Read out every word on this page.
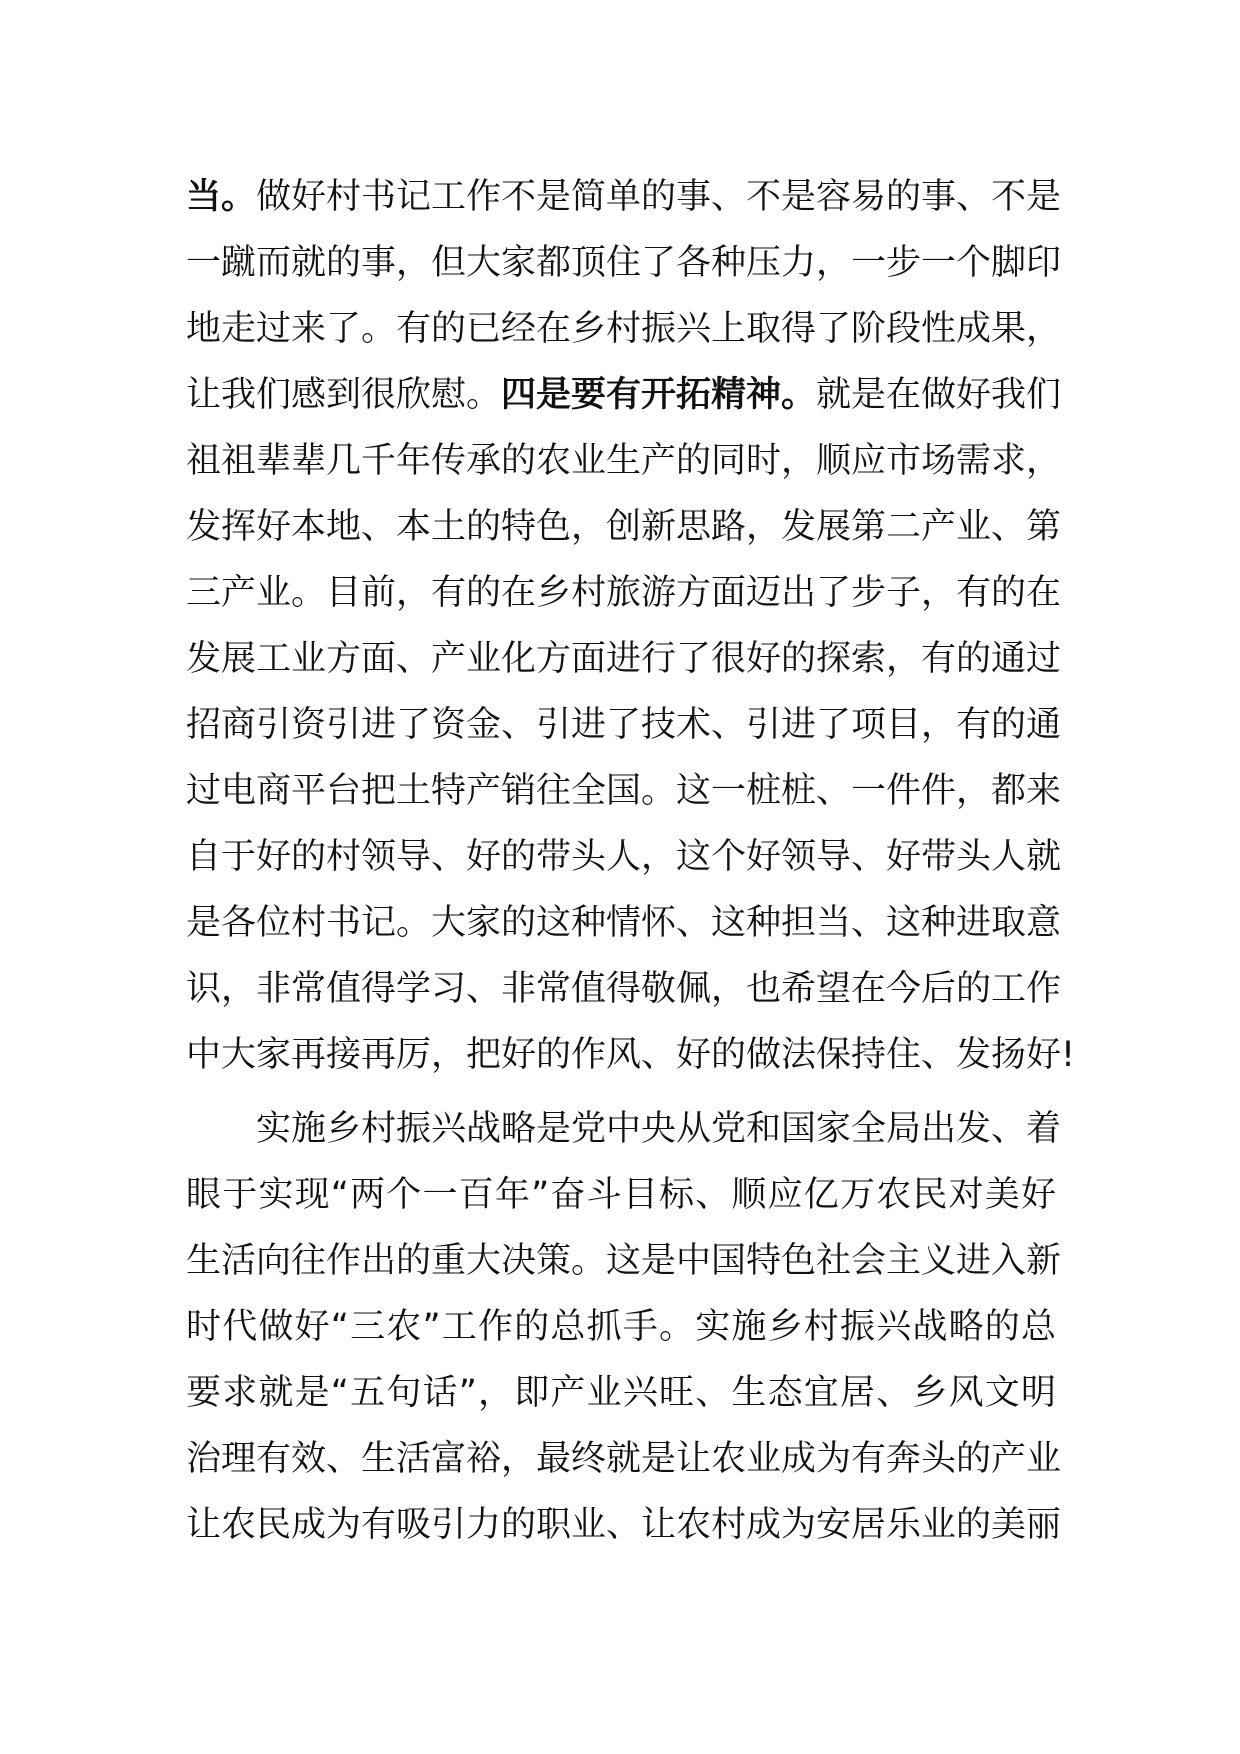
当。做好村书记工作不是简单的事、不是容易的事、不是
一蹴而就的事，但大家都顶住了各种压力，一步一个脚印
地走过来了。有的已经在乡村振兴上取得了阶段性成果，
让我们感到很欣慰。四是要有开拓精神。就是在做好我们
祖祖辈辈几千年传承的农业生产的同时，顺应市场需求，
发挥好本地、本土的特色，创新思路，发展第二产业、第
三产业。目前，有的在乡村旅游方面迈出了步子，有的在
发展工业方面、产业化方面进行了很好的探索，有的通过
招商引资引进了资金、引进了技术、引进了项目，有的通
过电商平台把土特产销往全国。这一桩桩、一件件，都来
自于好的村领导、好的带头人，这个好领导、好带头人就
是各位村书记。大家的这种情怀、这种担当、这种进取意
识，非常值得学习、非常值得敬佩，也希望在今后的工作
中大家再接再厉，把好的作风、好的做法保持住、发扬好!
实施乡村振兴战略是党中央从党和国家全局出发、着
眼于实现“两个一百年”奋斗目标、顺应亿万农民对美好
生活向往作出的重大决策。这是中国特色社会主义进入新
时代做好“三农”工作的总抓手。实施乡村振兴战略的总
要求就是“五句话”，即产业兴旺、生态宜居、乡风文明
治理有效、生活富裕，最终就是让农业成为有奔头的产业
让农民成为有吸引力的职业、让农村成为安居乐业的美丽
